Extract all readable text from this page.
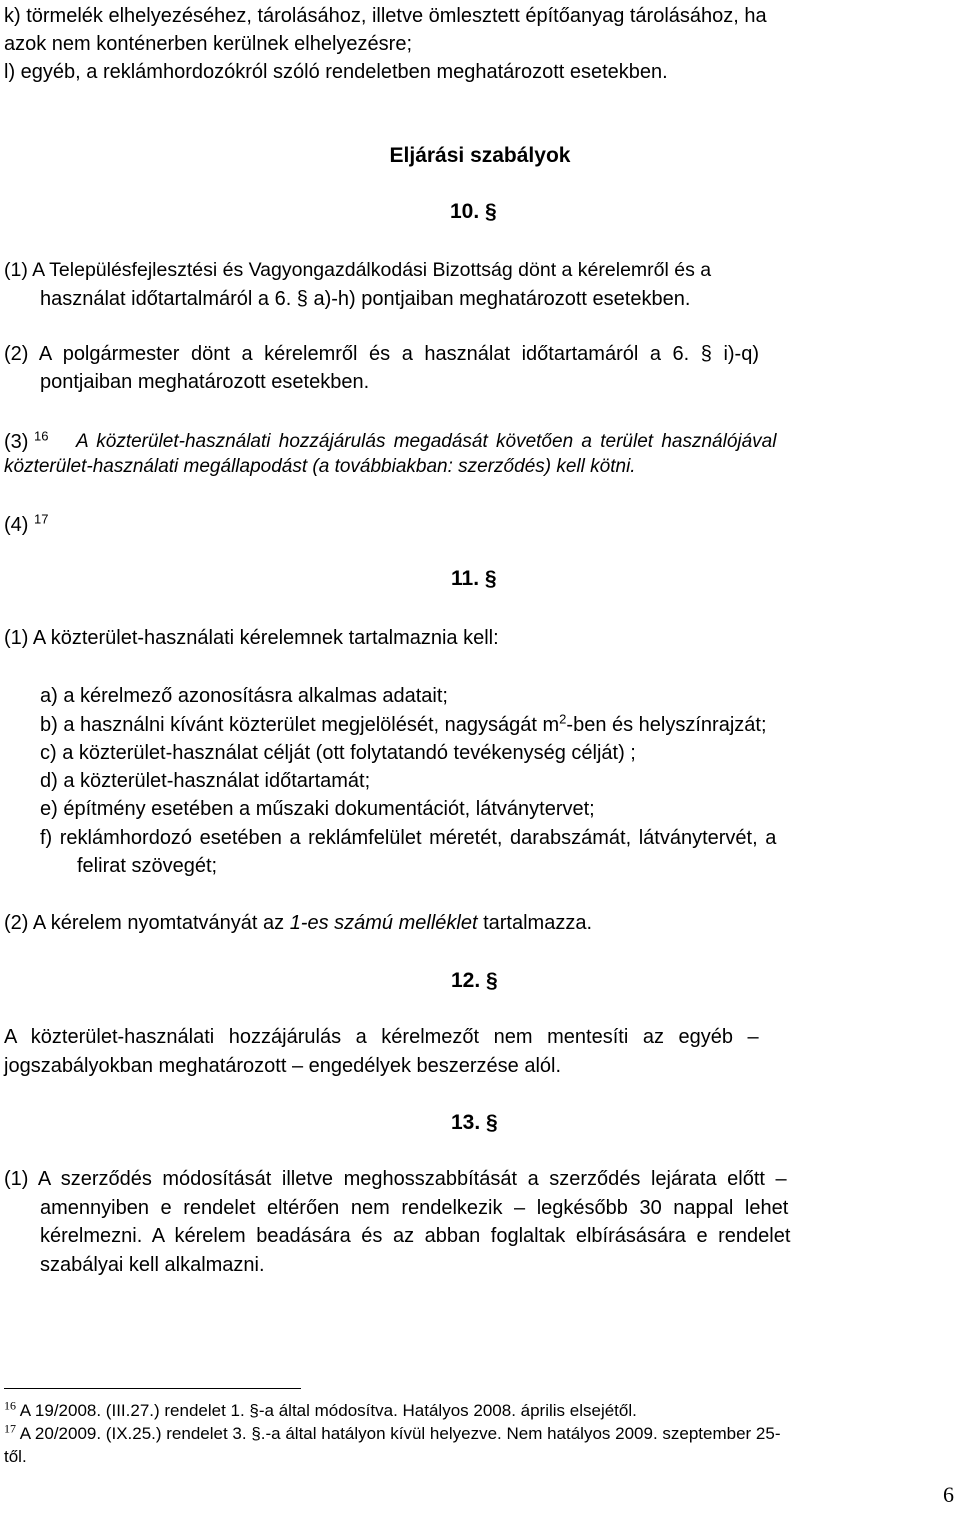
k) törmelék elhelyezéséhez, tárolásához, illetve ömlesztett építőanyag tárolásához, ha
azok nem konténerben kerülnek elhelyezésre;
l) egyéb, a reklámhordozókról szóló rendeletben meghatározott esetekben.
Eljárási szabályok
10. §
(1) A Településfejlesztési és Vagyongazdálkodási Bizottság dönt a kérelemről és a
használat időtartalmáról a 6. § a)-h) pontjaiban meghatározott esetekben.
(2) A polgármester dönt a kérelemről és a használat időtartamáról a 6. § i)-q)
pontjaiban meghatározott esetekben.
(3) $^{16}$ A közterület-használati hozzájárulás megadását követően a terület használójával
közterület-használati megállapodást (a továbbiakban: szerződés) kell kötni.
(4) $^{17}$
11. §
(1) A közterület-használati kérelemnek tartalmaznia kell:
a) a kérelmező azonosításra alkalmas adatait;
b) a használni kívánt közterület megjelölését, nagyságát $m^2$-ben és helyszínrajzát;
c) a közterület-használat célját (ott folytatandó tevékenység célját) ;
d) a közterület-használat időtartamát;
e) építmény esetében a műszaki dokumentációt, látványtervet;
f) reklámhordozó esetében a reklámfelület méretét, darabszámát, látványtervét, a
felirat szövegét;
(2) A kérelem nyomtatványát az 1-es számú melléklet tartalmazza.
12. §
A közterület-használati hozzájárulás a kérelmezőt nem mentesíti az egyéb –
jogszabályokban meghatározott – engedélyek beszerzése alól.
13. §
(1) A szerződés módosítását illetve meghosszabbítását a szerződés lejárata előtt –
amennyiben e rendelet eltérően nem rendelkezik – legkésőbb 30 nappal lehet
kérelmezni. A kérelem beadására és az abban foglaltak elbírásására e rendelet
szabályai kell alkalmazni.
$^{16}$ A 19/2008. (III.27.) rendelet 1. §-a által módosítva. Hatályos 2008. április elsejétől.
$^{17}$ A 20/2009. (IX.25.) rendelet 3. §.-a által hatályon kívül helyezve. Nem hatályos 2009. szeptember 25-
től.
6
